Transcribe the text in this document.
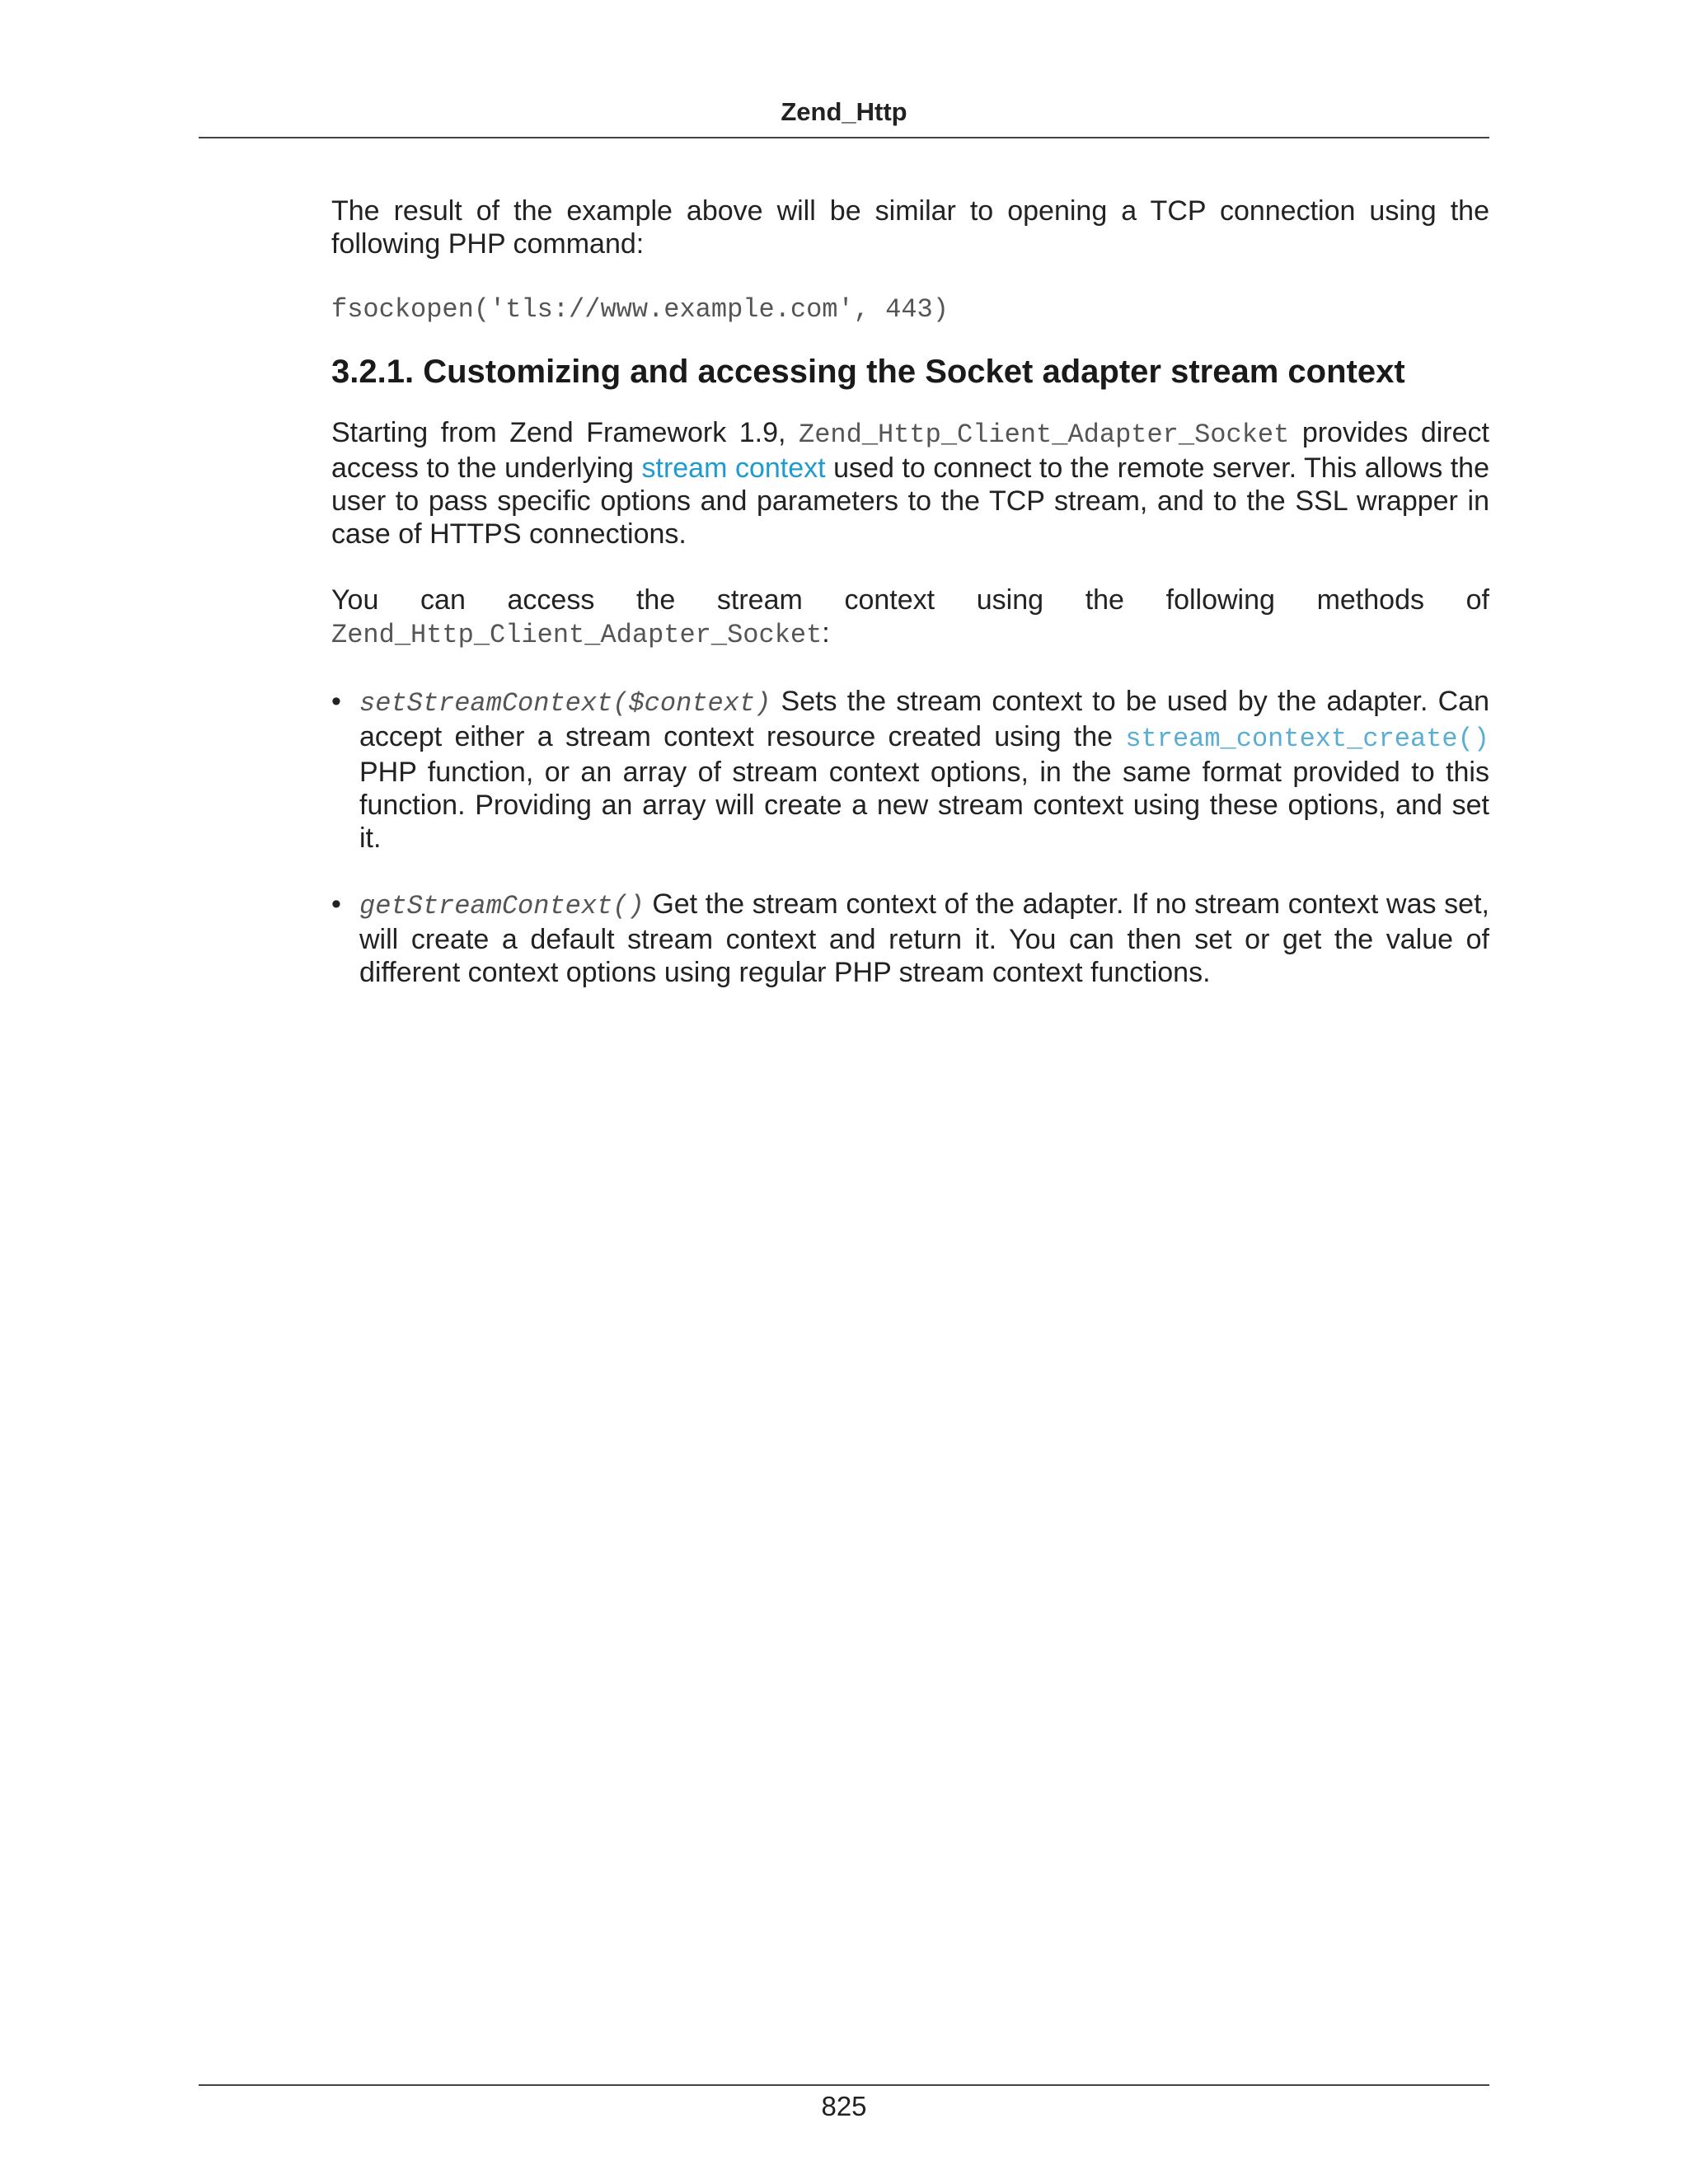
Zend_Http

The result of the example above will be similar to opening a TCP connection using the following PHP command:

fsockopen('tls://www.example.com', 443)

3.2.1. Customizing and accessing the Socket adapter stream context

Starting from Zend Framework 1.9, Zend_Http_Client_Adapter_Socket provides direct access to the underlying stream context used to connect to the remote server. This allows the user to pass specific options and parameters to the TCP stream, and to the SSL wrapper in case of HTTPS connections.

You can access the stream context using the following methods of

Zend_Http_Client_Adapter_Socket:

• setStreamContext($context) Sets the stream context to be used by the adapter. Can accept either a stream context resource created using the stream_context_create() PHP function, or an array of stream context options, in the same format provided to this function. Providing an array will create a new stream context using these options, and set it.
• getStreamContext() Get the stream context of the adapter. If no stream context was set, will create a default stream context and return it. You can then set or get the value of different context options using regular PHP stream context functions.
825
